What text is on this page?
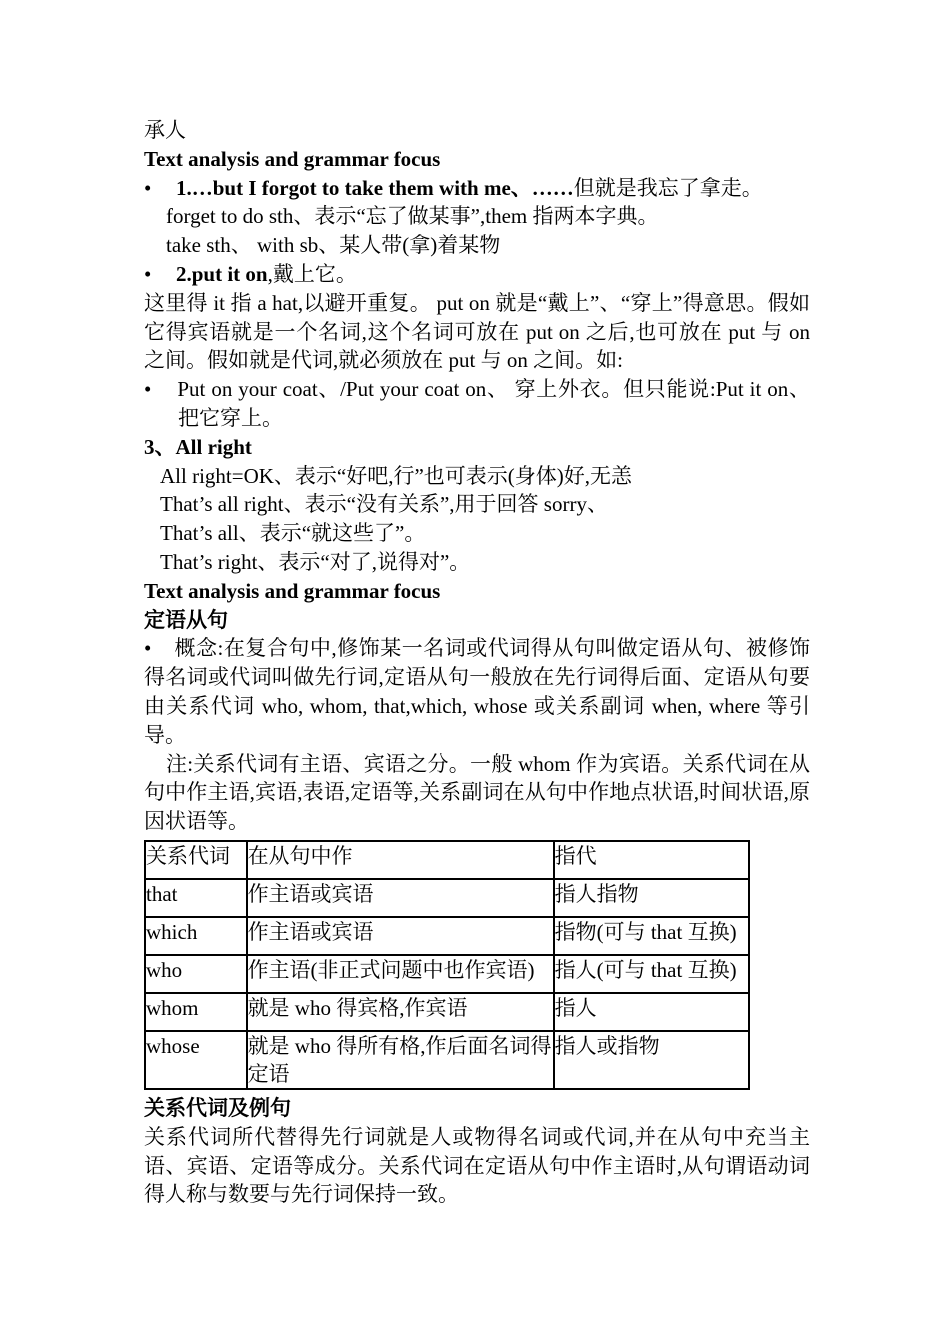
承人
Text analysis and grammar focus
• 1.…but I forgot to take them with me、……但就是我忘了拿走。
forget to do sth、表示“忘了做某事”,them 指两本字典。
take sth、 with sb、某人带(拿)着某物
• 2.put it on,戴上它。
这里得 it 指 a hat,以避开重复。 put on 就是“戴上”、“穿上”得意思。假如它得宾语就是一个名词,这个名词可放在 put on 之后,也可放在 put 与 on 之间。假如就是代词,就必须放在 put 与 on 之间。如:
• Put on your coat、/Put your coat on、 穿上外衣。但只能说:Put it on、 把它穿上。
3、All right
All right=OK、表示“好吧,行”也可表示(身体)好,无恙
That’s all right、表示“没有关系”,用于回答 sorry、
That’s all、表示“就这些了”。
That’s right、表示“对了,说得对”。
Text analysis and grammar focus
定语从句
• 概念:在复合句中,修饰某一名词或代词得从句叫做定语从句、被修饰得名词或代词叫做先行词,定语从句一般放在先行词得后面、定语从句要由关系代词 who, whom, that,which, whose 或关系副词 when, where 等引导。
注:关系代词有主语、宾语之分。一般 whom 作为宾语。关系代词在从句中作主语,宾语,表语,定语等,关系副词在从句中作地点状语,时间状语,原因状语等。
关系代词	在从句中作	指代
that	作主语或宾语	指人指物
which	作主语或宾语	指物(可与 that 互换)
who	作主语(非正式问题中也作宾语)	指人(可与 that 互换)
whom	就是 who 得宾格,作宾语	指人
whose	就是 who 得所有格,作后面名词得定语	指人或指物
关系代词及例句
关系代词所代替得先行词就是人或物得名词或代词,并在从句中充当主语、宾语、定语等成分。关系代词在定语从句中作主语时,从句谓语动词得人称与数要与先行词保持一致。
